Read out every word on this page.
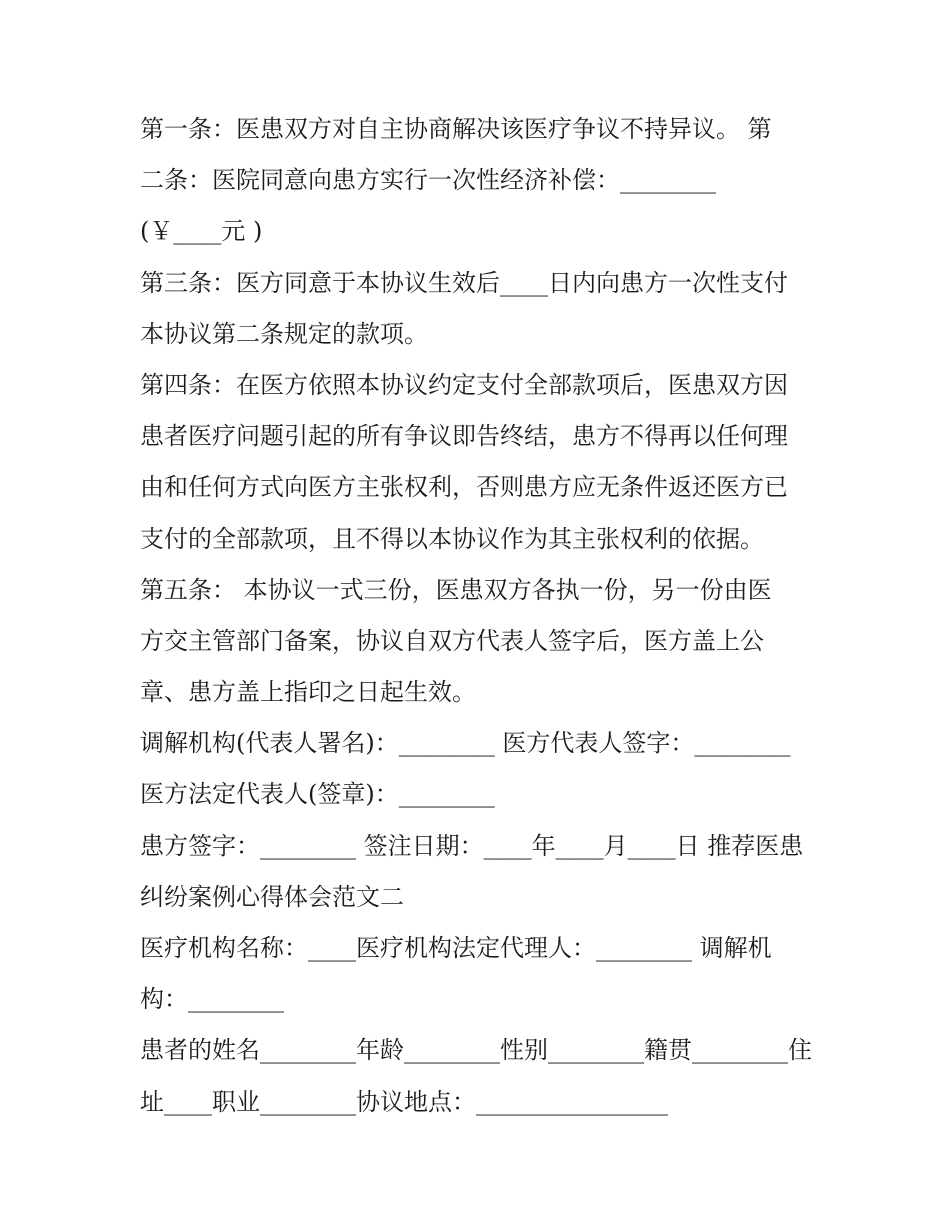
第一条：医患双方对自主协商解决该医疗争议不持异议。 第
二条：医院同意向患方实行一次性经济补偿：________
(￥____元 )
第三条：医方同意于本协议生效后____日内向患方一次性支付
本协议第二条规定的款项。
第四条：在医方依照本协议约定支付全部款项后，医患双方因
患者医疗问题引起的所有争议即告终结，患方不得再以任何理
由和任何方式向医方主张权利，否则患方应无条件返还医方已
支付的全部款项，且不得以本协议作为其主张权利的依据。
第五条： 本协议一式三份，医患双方各执一份，另一份由医
方交主管部门备案，协议自双方代表人签字后，医方盖上公
章、患方盖上指印之日起生效。
调解机构(代表人署名)：________ 医方代表人签字：________
医方法定代表人(签章)：________
患方签字：________ 签注日期：____年____月____日 推荐医患
纠纷案例心得体会范文二
医疗机构名称：____医疗机构法定代理人：________ 调解机
构：________
患者的姓名________年龄________性别________籍贯________住
址____职业________协议地点：________________
